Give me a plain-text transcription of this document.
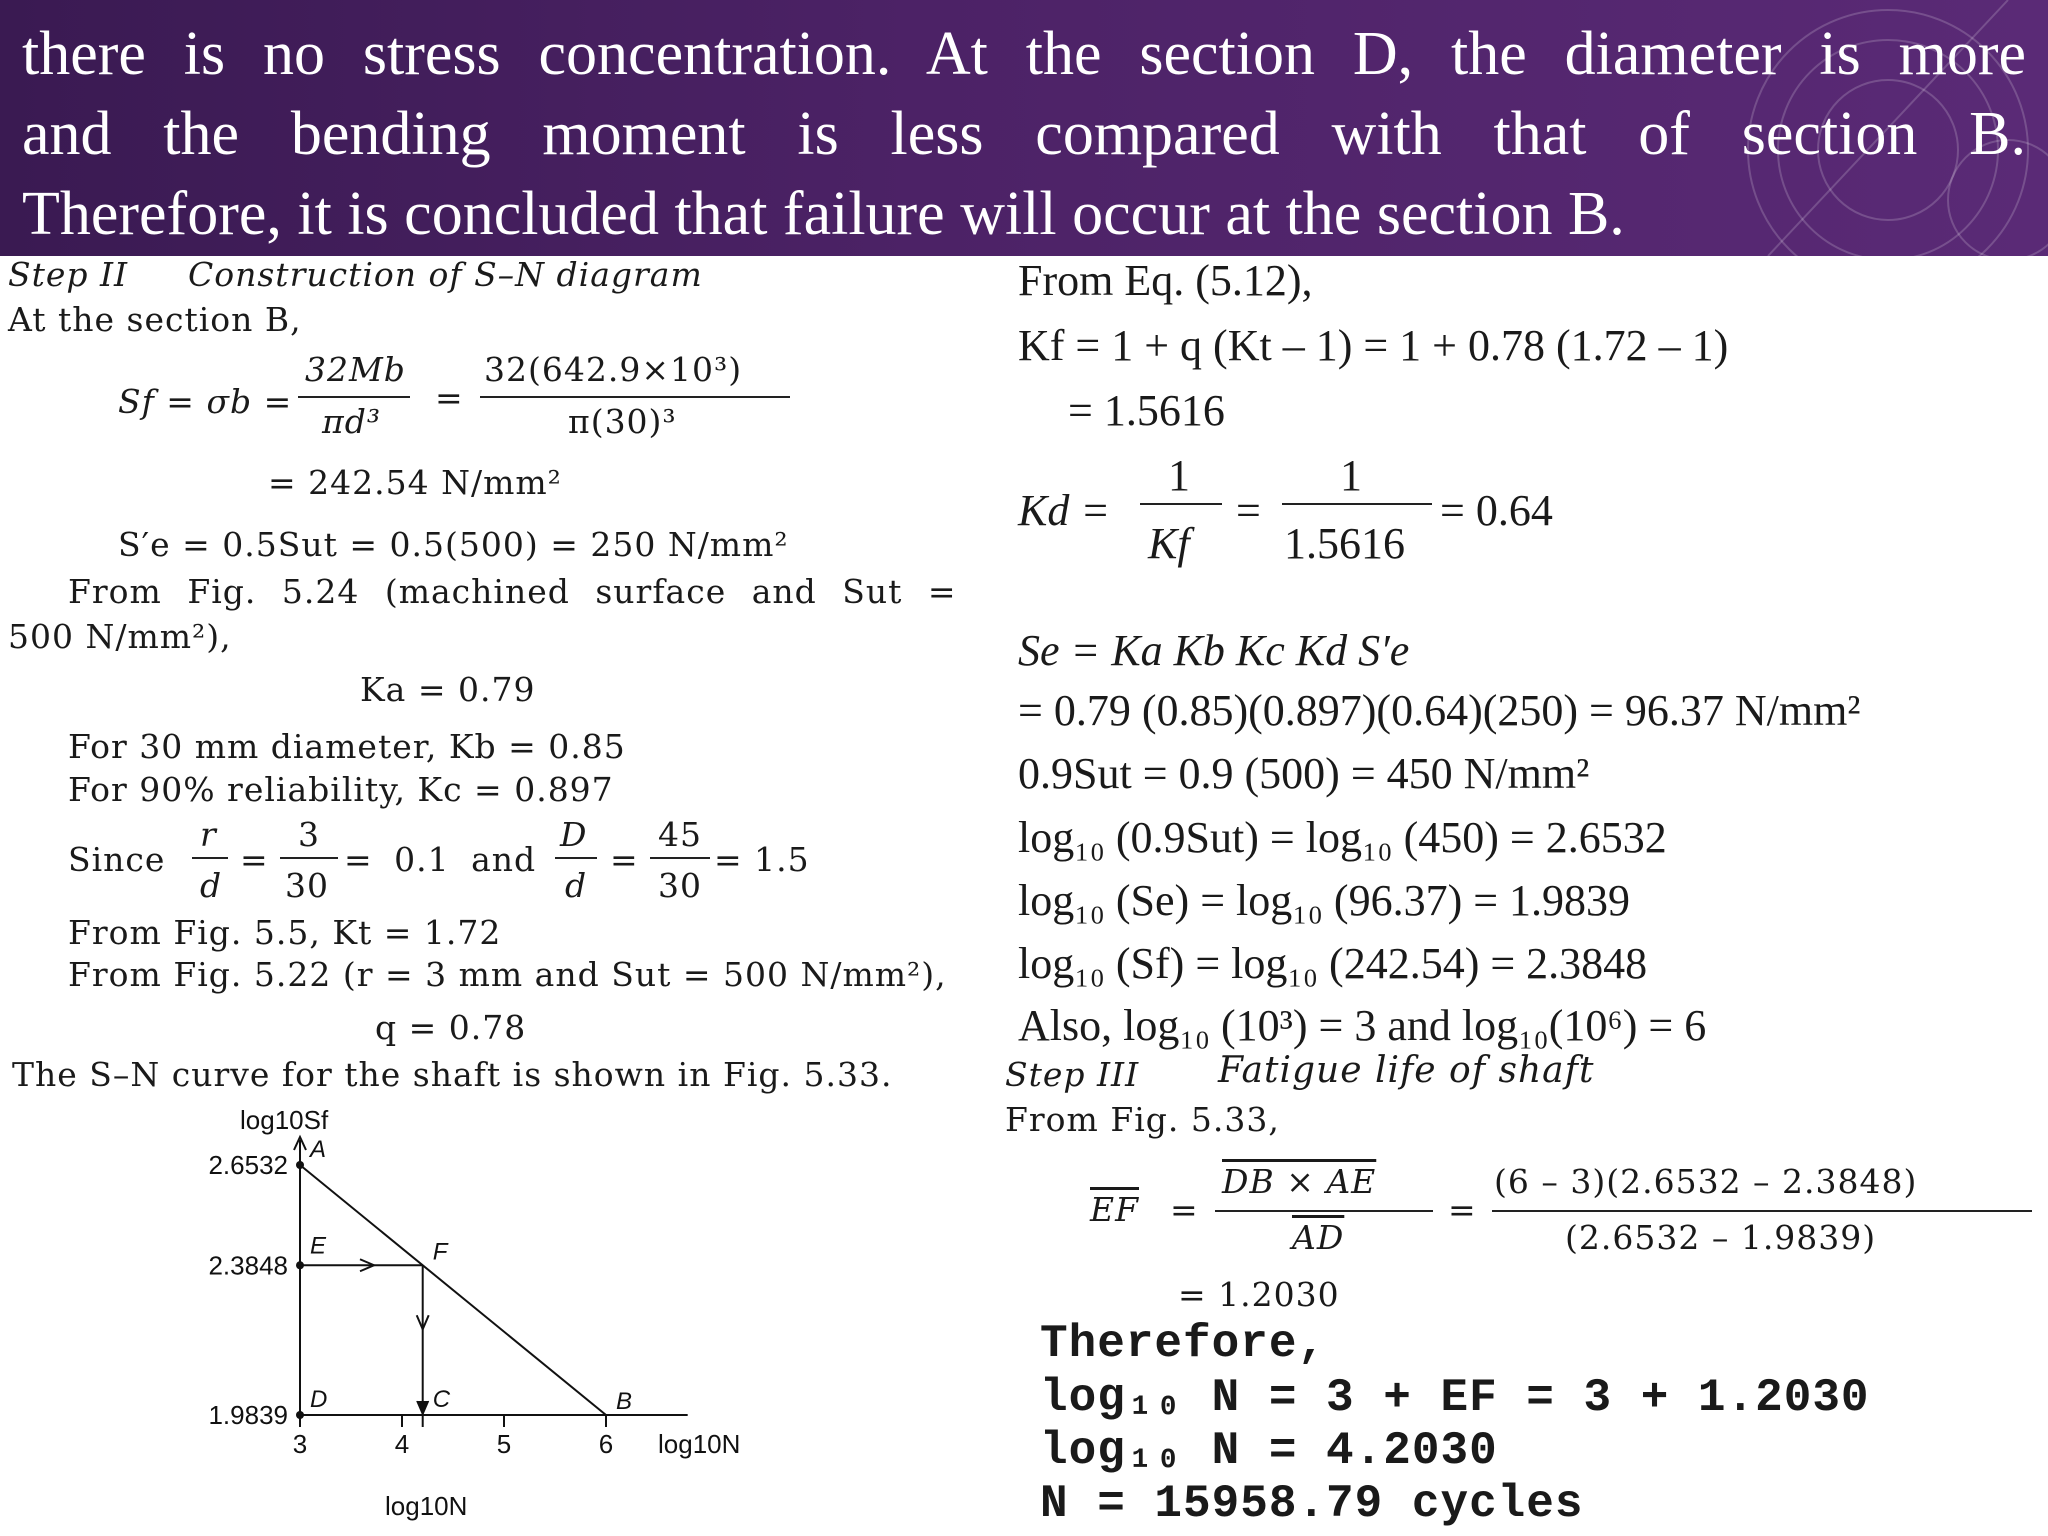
there is no stress concentration. At the section D, the diameter is more
and the bending moment is less compared with that of section B.
Therefore, it is concluded that failure will occur at the section B.
Step II Construction of S–N diagram
At the section B,
Sf = σb =
32Mb
πd³
=
32(642.9×10³)
π(30)³
= 242.54 N/mm²
S′e = 0.5Sut = 0.5(500) = 250 N/mm²
From Fig. 5.24 (machined surface and Sut =
500 N/mm²),
Ka = 0.79
For 30 mm diameter, Kb = 0.85
For 90% reliability, Kc = 0.897
Since
r
d
=
3
30
= 0.1 and
D
d
=
45
30
= 1.5
From Fig. 5.5, Kt = 1.72
From Fig. 5.22 (r = 3 mm and Sut = 500 N/mm²),
q = 0.78
The S–N curve for the shaft is shown in Fig. 5.33.
log10Sf
log10N
log10N
2.6532
2.3848
1.9839
3	4	5	6
A
E	F
D	C	B
From Eq. (5.12),
Kf = 1 + q (Kt – 1) = 1 + 0.78 (1.72 – 1)
= 1.5616
Kd =
1
Kf
=
1
1.5616
= 0.64
Se = Ka Kb Kc Kd S′e
= 0.79 (0.85)(0.897)(0.64)(250) = 96.37 N/mm²
0.9Sut = 0.9 (500) = 450 N/mm²
log₁₀ (0.9Sut) = log₁₀ (450) = 2.6532
log₁₀ (Se) = log₁₀ (96.37) = 1.9839
log₁₀ (Sf) = log₁₀ (242.54) = 2.3848
Also, log₁₀ (10³) = 3 and log₁₀(10⁶) = 6
Step III Fatigue life of shaft
From Fig. 5.33,
$\overline{EF}$ =
DB × AE
$\overline{AD}$
=
(6 – 3)(2.6532 – 2.3848)
(2.6532 – 1.9839)
= 1.2030
Therefore,
log₁₀ N = 3 + EF = 3 + 1.2030
log₁₀ N = 4.2030
N = 15958.79 cycles
